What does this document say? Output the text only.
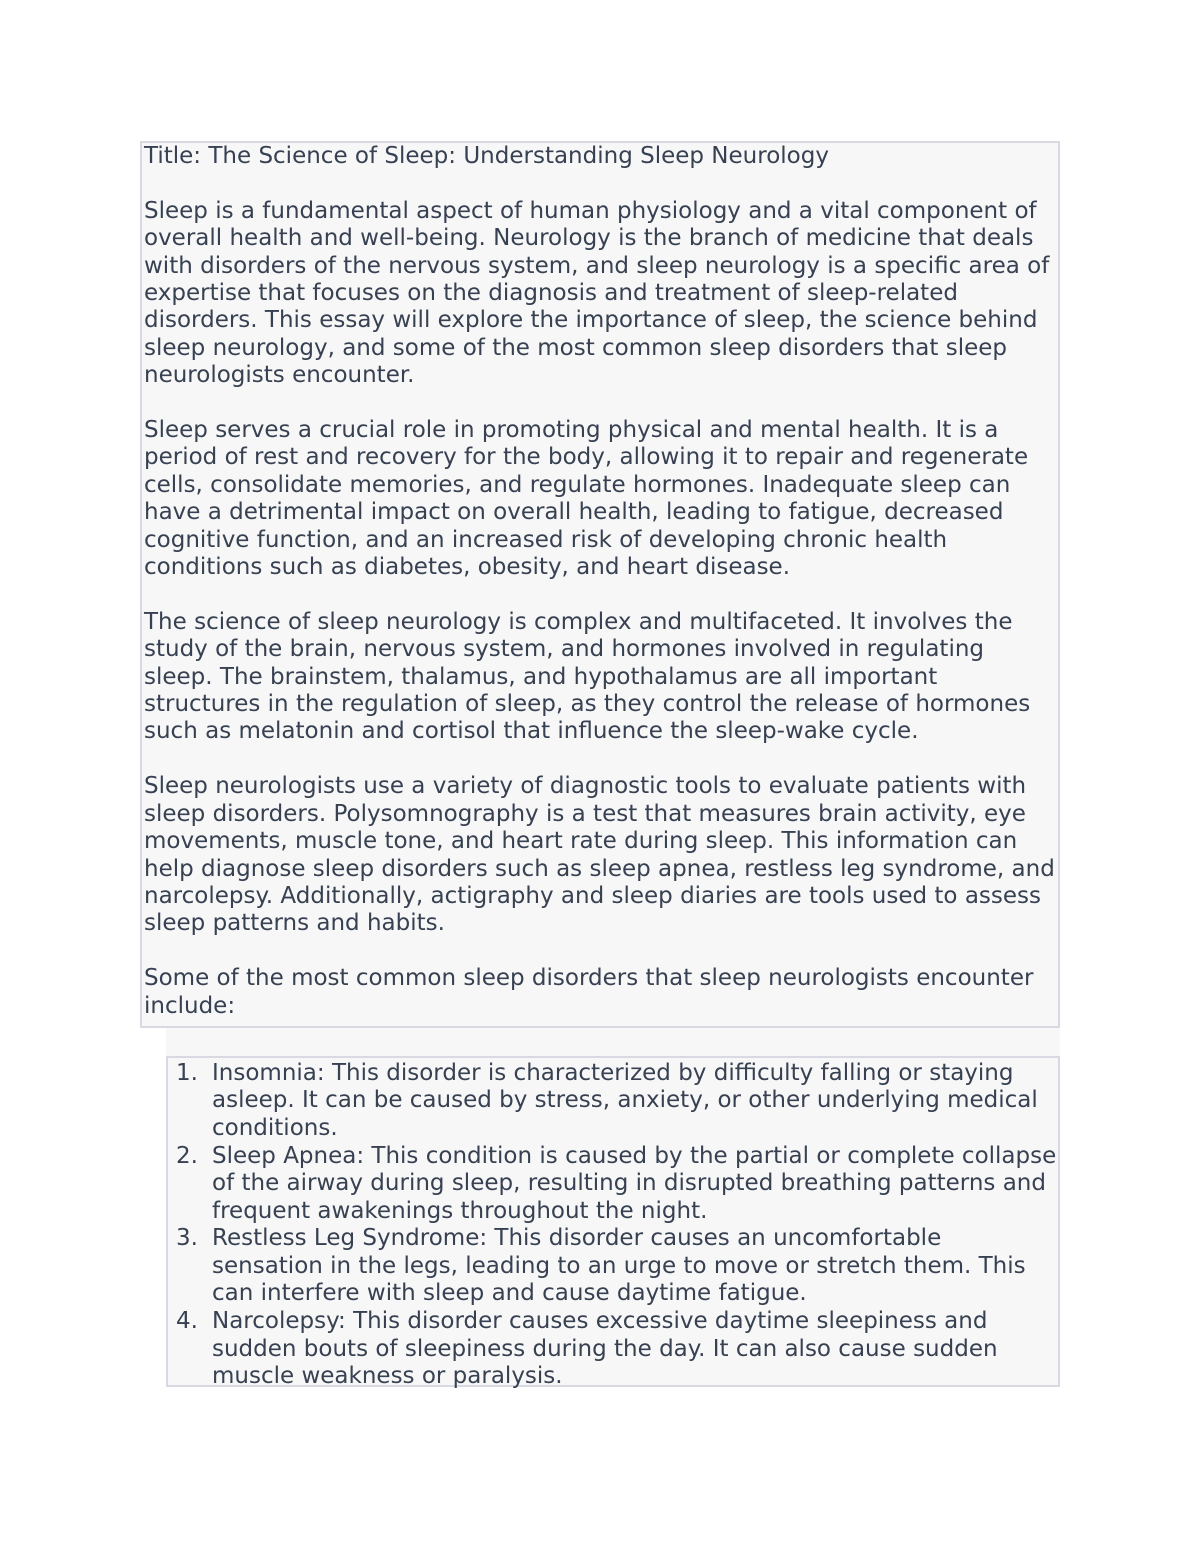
Title: The Science of Sleep: Understanding Sleep Neurology

Sleep is a fundamental aspect of human physiology and a vital component of overall health and well-being. Neurology is the branch of medicine that deals with disorders of the nervous system, and sleep neurology is a specific area of expertise that focuses on the diagnosis and treatment of sleep-related disorders. This essay will explore the importance of sleep, the science behind sleep neurology, and some of the most common sleep disorders that sleep neurologists encounter.

Sleep serves a crucial role in promoting physical and mental health. It is a period of rest and recovery for the body, allowing it to repair and regenerate cells, consolidate memories, and regulate hormones. Inadequate sleep can have a detrimental impact on overall health, leading to fatigue, decreased cognitive function, and an increased risk of developing chronic health conditions such as diabetes, obesity, and heart disease.

The science of sleep neurology is complex and multifaceted. It involves the study of the brain, nervous system, and hormones involved in regulating sleep. The brainstem, thalamus, and hypothalamus are all important structures in the regulation of sleep, as they control the release of hormones such as melatonin and cortisol that influence the sleep-wake cycle.

Sleep neurologists use a variety of diagnostic tools to evaluate patients with sleep disorders. Polysomnography is a test that measures brain activity, eye movements, muscle tone, and heart rate during sleep. This information can help diagnose sleep disorders such as sleep apnea, restless leg syndrome, and narcolepsy. Additionally, actigraphy and sleep diaries are tools used to assess sleep patterns and habits.

Some of the most common sleep disorders that sleep neurologists encounter include:

1. Insomnia: This disorder is characterized by difficulty falling or staying asleep. It can be caused by stress, anxiety, or other underlying medical conditions.
2. Sleep Apnea: This condition is caused by the partial or complete collapse of the airway during sleep, resulting in disrupted breathing patterns and frequent awakenings throughout the night.
3. Restless Leg Syndrome: This disorder causes an uncomfortable sensation in the legs, leading to an urge to move or stretch them. This can interfere with sleep and cause daytime fatigue.
4. Narcolepsy: This disorder causes excessive daytime sleepiness and sudden bouts of sleepiness during the day. It can also cause sudden muscle weakness or paralysis.
